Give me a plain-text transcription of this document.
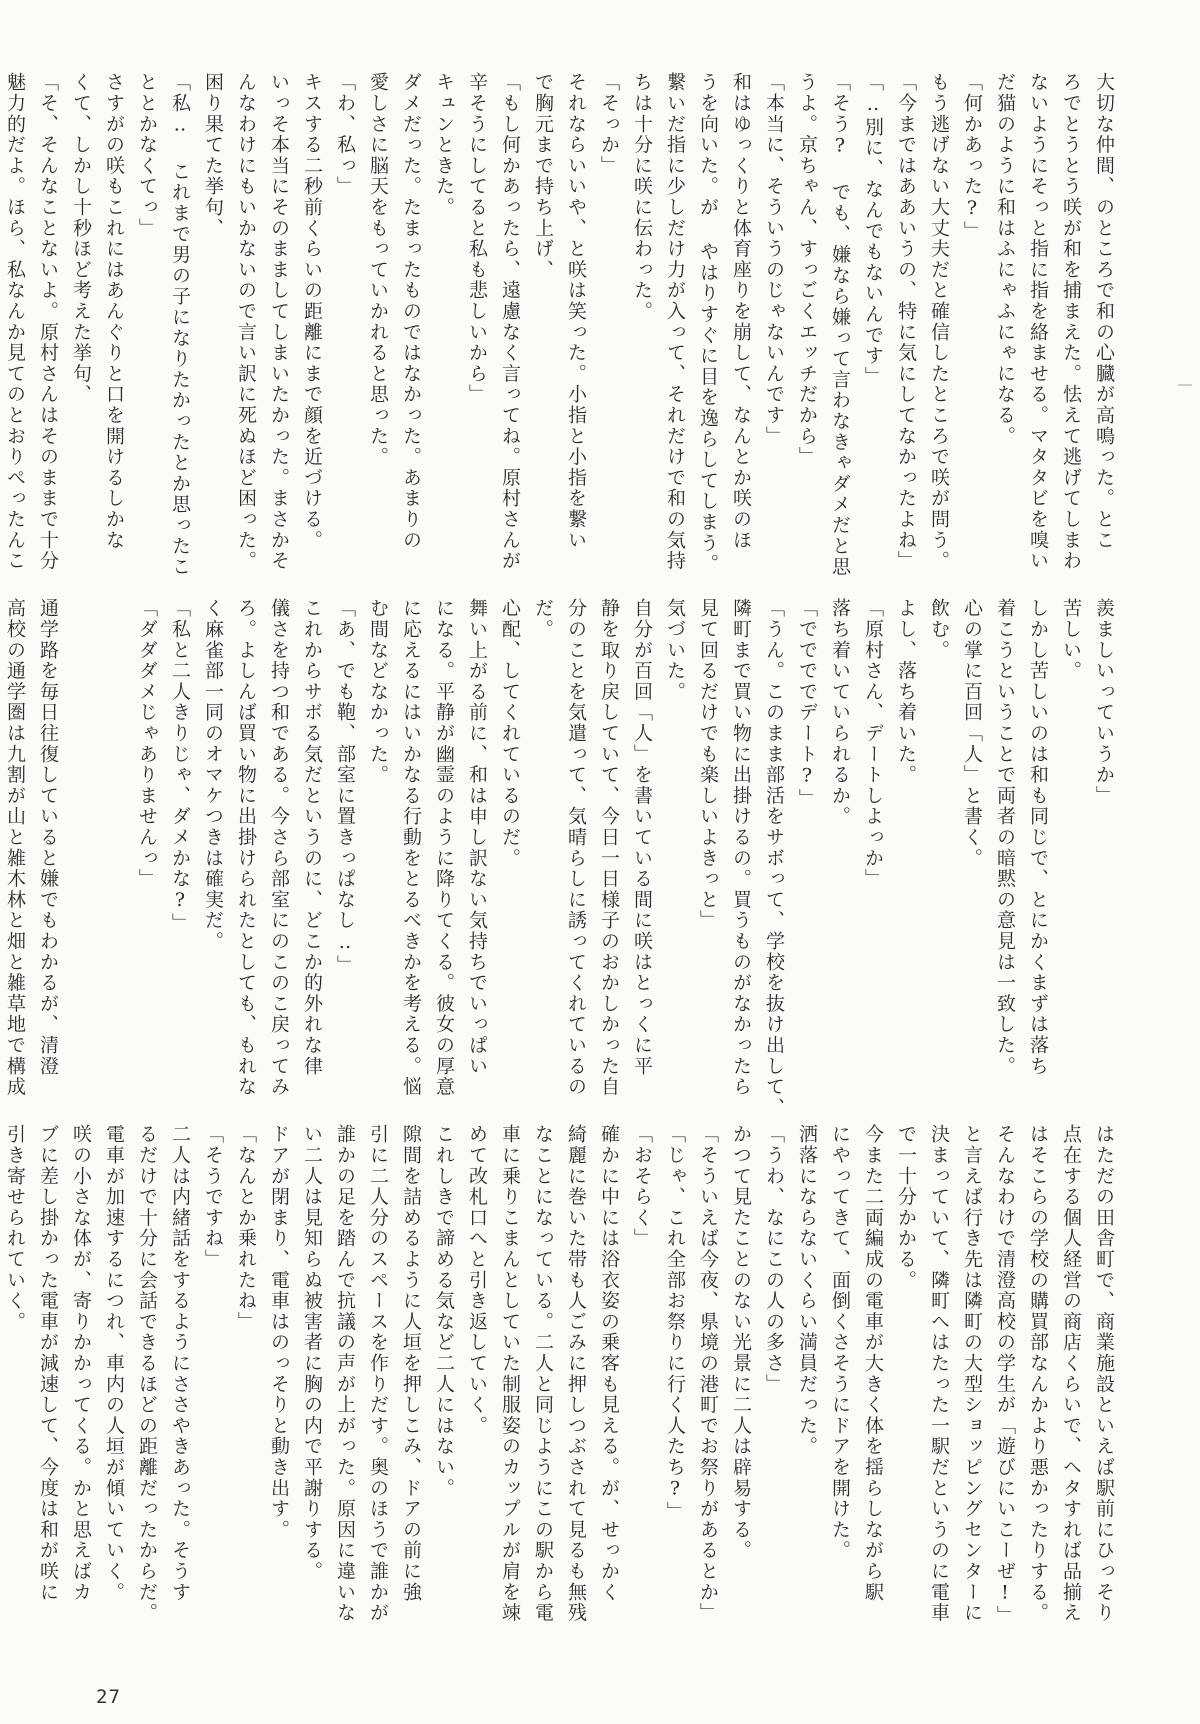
大切な仲間、のところで和の心臓が高鳴った。とこ
ろでとうとう咲が和を捕まえた。怯えて逃げてしまわ
ないようにそっと指に指を絡ませる。マタタビを嗅い
だ猫のように和はふにゃふにゃになる。
「何かあった?」
もう逃げない大丈夫だと確信したところで咲が問う。
「今まではああいうの、特に気にしてなかったよね」
「‥別に、なんでもないんです」
「そう? でも、嫌なら嫌って言わなきゃダメだと思
うよ。京ちゃん、すっごくエッチだから」
「本当に、そういうのじゃないんです」
和はゆっくりと体育座りを崩して、なんとか咲のほ
うを向いた。が やはりすぐに目を逸らしてしまう。
繋いだ指に少しだけ力が入って、それだけで和の気持
ちは十分に咲に伝わった。
「そっか」
それならいいや、と咲は笑った。小指と小指を繋い
で胸元まで持ち上げ、
「もし何かあったら、遠慮なく言ってね。原村さんが
辛そうにしてると私も悲しいから」
キュンときた。
ダメだった。たまったものではなかった。あまりの
愛しさに脳天をもっていかれると思った。
「わ、私っ」
キスする二秒前くらいの距離にまで顔を近づける。
いっそ本当にそのまましてしまいたかった。まさかそ
んなわけにもいかないので言い訳に死ぬほど困った。
困り果てた挙句、
「私‥ これまで男の子になりたかったとか思ったこ
ととかなくてっ」
さすがの咲もこれにはあんぐりと口を開けるしかな
くて、しかし十秒ほど考えた挙句、
「そ、そんなことないよ。原村さんはそのままで十分
魅力的だよ。ほら、私なんか見てのとおりぺったんこ
羨ましいっていうか」
苦しい。
しかし苦しいのは和も同じで、とにかくまずは落ち
着こうということで両者の暗黙の意見は一致した。
心の掌に百回「人」と書く。
飲む。
よし、落ち着いた。
「原村さん、デートしよっか」
落ち着いていられるか。
「ででででデート?」
「うん。このまま部活をサボって、学校を抜け出して、
隣町まで買い物に出掛けるの。買うものがなかったら
見て回るだけでも楽しいよきっと」
気づいた。
自分が百回「人」を書いている間に咲はとっくに平
静を取り戻していて、今日一日様子のおかしかった自
分のことを気遣って、気晴らしに誘ってくれているの
だ。
心配、してくれているのだ。
舞い上がる前に、和は申し訳ない気持ちでいっぱい
になる。平静が幽霊のように降りてくる。彼女の厚意
に応えるにはいかなる行動をとるべきかを考える。悩
む間などなかった。
「あ、でも鞄、部室に置きっぱなし‥」
これからサボる気だというのに、どこか的外れな律
儀さを持つ和である。今さら部室にのこのこ戻ってみ
ろ。よしんば買い物に出掛けられたとしても、もれな
く麻雀部一同のオマケつきは確実だ。
「私と二人きりじゃ、ダメかな?」
「ダダダメじゃありませんっ」

通学路を毎日往復していると嫌でもわかるが、清澄
高校の通学圏は九割が山と雑木林と畑と雑草地で構成
はただの田舎町で、商業施設といえば駅前にひっそり
点在する個人経営の商店くらいで、ヘタすれば品揃え
はそこらの学校の購買部なんかより悪かったりする。
そんなわけで清澄高校の学生が「遊びにいこーぜ!」
と言えば行き先は隣町の大型ショッピングセンターに
決まっていて、隣町へはたった一駅だというのに電車
で一十分かかる。
今また二両編成の電車が大きく体を揺らしながら駅
にやってきて、面倒くさそうにドアを開けた。
洒落にならないくらい満員だった。
「うわ、なにこの人の多さ」
かつて見たことのない光景に二人は辟易する。
「そういえば今夜、県境の港町でお祭りがあるとか」
「じゃ、これ全部お祭りに行く人たち?」
「おそらく」
確かに中には浴衣姿の乗客も見える。が、せっかく
綺麗に巻いた帯も人ごみに押しつぶされて見るも無残
なことになっている。二人と同じようにこの駅から電
車に乗りこまんとしていた制服姿のカップルが肩を竦
めて改札口へと引き返していく。
これしきで諦める気など二人にはない。
隙間を詰めるように人垣を押しこみ、ドアの前に強
引に二人分のスペースを作りだす。奥のほうで誰かが
誰かの足を踏んで抗議の声が上がった。原因に違いな
い二人は見知らぬ被害者に胸の内で平謝りする。
ドアが閉まり、電車はのっそりと動き出す。
「なんとか乗れたね」
「そうですね」
二人は内緒話をするようにささやきあった。そうす
るだけで十分に会話できるほどの距離だったからだ。
電車が加速するにつれ、車内の人垣が傾いていく。
咲の小さな体が、寄りかかってくる。かと思えばカ
ブに差し掛かった電車が減速して、今度は和が咲に
引き寄せられていく。
27
